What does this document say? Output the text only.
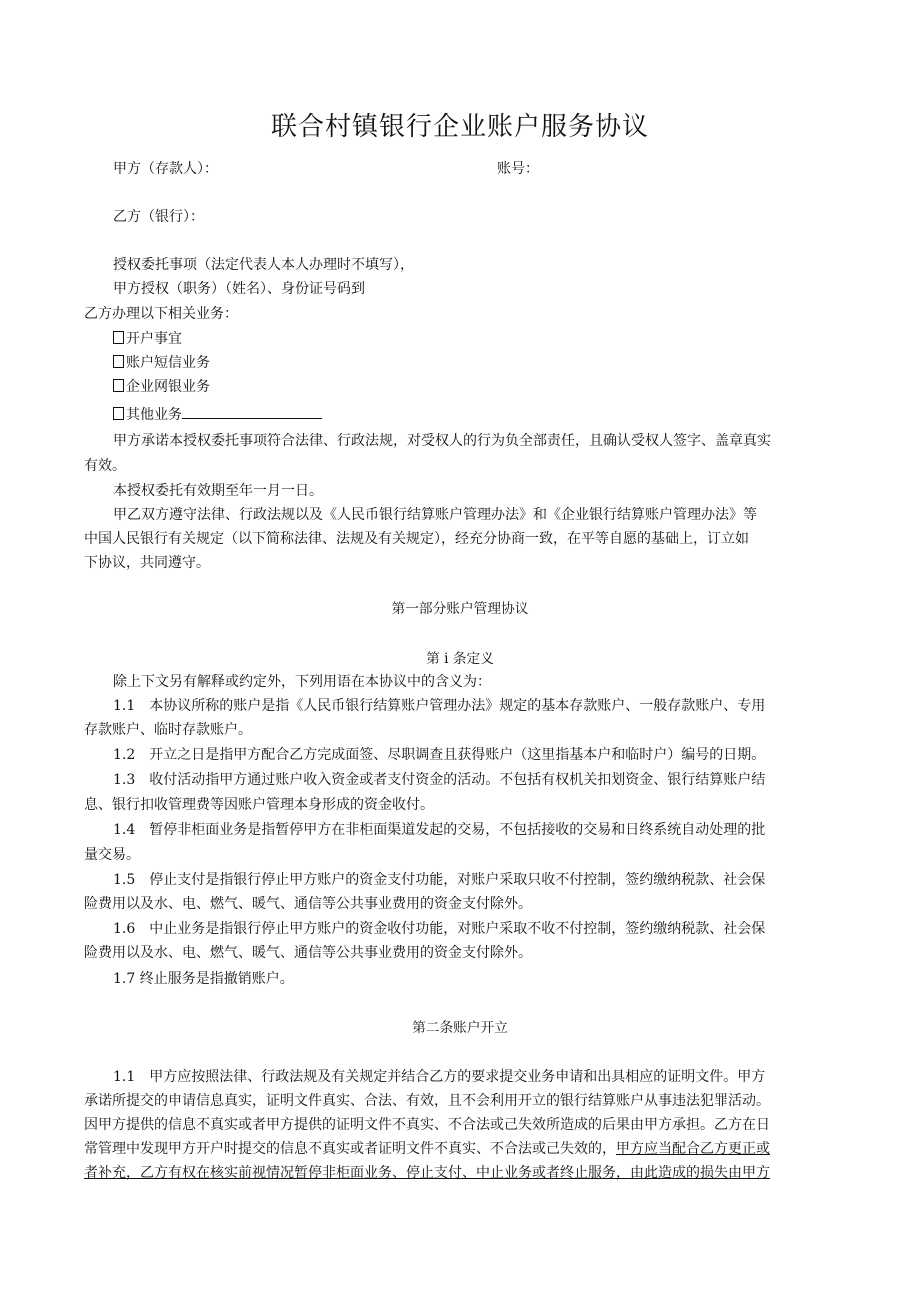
联合村镇银行企业账户服务协议

甲方（存款人）：	账号：

乙方（银行）：

授权委托事项（法定代表人本人办理时不填写），

甲方授权（职务）（姓名）、身份证号码到

乙方办理以下相关业务：

开户事宜

账户短信业务

企业网银业务

其他业务

甲方承诺本授权委托事项符合法律、行政法规，对受权人的行为负全部责任，且确认受权人签字、盖章真实

有效。

本授权委托有效期至年一月一日。

甲乙双方遵守法律、行政法规以及《人民币银行结算账户管理办法》和《企业银行结算账户管理办法》等

中国人民银行有关规定（以下简称法律、法规及有关规定），经充分协商一致，在平等自愿的基础上，订立如

下协议，共同遵守。

第一部分账户管理协议

第 i 条定义

除上下文另有解释或约定外，下列用语在本协议中的含义为：

1.1　本协议所称的账户是指《人民币银行结算账户管理办法》规定的基本存款账户、一般存款账户、专用

存款账户、临时存款账户。

1.2　开立之日是指甲方配合乙方完成面签、尽职调查且获得账户（这里指基本户和临时户）编号的日期。

1.3　收付活动指甲方通过账户收入资金或者支付资金的活动。不包括有权机关扣划资金、银行结算账户结

息、银行扣收管理费等因账户管理本身形成的资金收付。

1.4　暂停非柜面业务是指暂停甲方在非柜面渠道发起的交易，不包括接收的交易和日终系统自动处理的批

量交易。

1.5　停止支付是指银行停止甲方账户的资金支付功能，对账户采取只收不付控制，签约缴纳税款、社会保

险费用以及水、电、燃气、暖气、通信等公共事业费用的资金支付除外。

1.6　中止业务是指银行停止甲方账户的资金收付功能，对账户采取不收不付控制，签约缴纳税款、社会保

险费用以及水、电、燃气、暖气、通信等公共事业费用的资金支付除外。

1.7 终止服务是指撤销账户。

第二条账户开立

1.1　甲方应按照法律、行政法规及有关规定并结合乙方的要求提交业务申请和出具相应的证明文件。甲方

承诺所提交的申请信息真实，证明文件真实、合法、有效，且不会利用开立的银行结算账户从事违法犯罪活动。

因甲方提供的信息不真实或者甲方提供的证明文件不真实、不合法或己失效所造成的后果由甲方承担。乙方在日

常管理中发现甲方开户时提交的信息不真实或者证明文件不真实、不合法或己失效的，甲方应当配合乙方更正或

者补充，乙方有权在核实前视情况暂停非柜面业务、停止支付、中止业务或者终止服务，由此造成的损失由甲方
